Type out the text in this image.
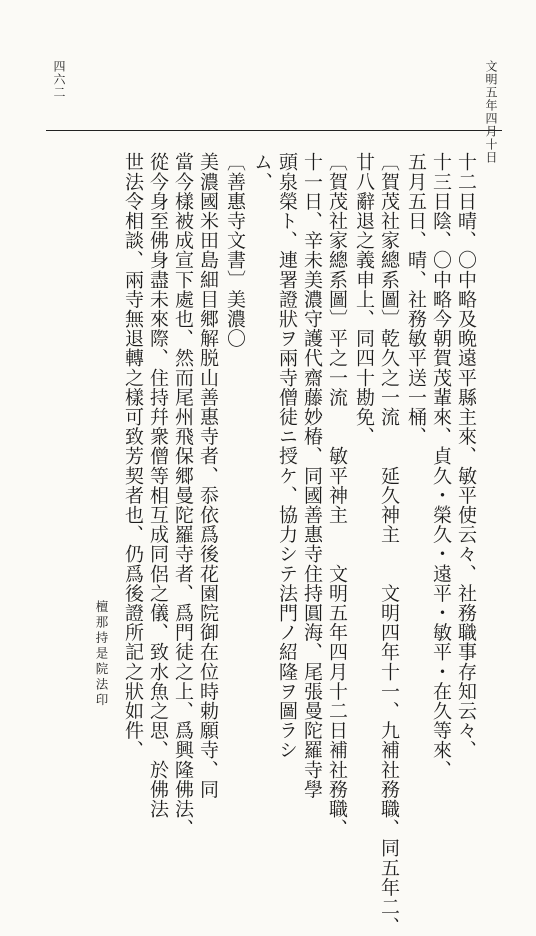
文明五年四月十日
四六二
十二日晴、〇中略及晩遠平縣主來、敏平使云々、社務職事存知云々、
十三日陰、〇中略今朝賀茂輩來、貞久・榮久・遠平・敏平・在久等來、
五月五日、晴、社務敏平送一桶、
〔賀茂社家總系圖〕乾久之一流　　延久神主　　文明四年十一、九補社務職、同五年二、
廿八辭退之義申上、同四十勘免、
〔賀茂社家總系圖〕平之一流　　敏平神主　　文明五年四月十二日補社務職、
十一日、辛未美濃守護代齋藤妙椿、同國善惠寺住持圓海、尾張曼陀羅寺學
頭泉榮ト、連署證狀ヲ兩寺僧徒ニ授ケ、協力シテ法門ノ紹隆ヲ圖ラシ
ム、
〔善惠寺文書〕美濃〇
美濃國米田島細目郷解脱山善惠寺者、忝依爲後花園院御在位時勅願寺、同
當今樣被成宣下處也、然而尾州飛保郷曼陀羅寺者、爲門徒之上、爲興隆佛法、
從今身至佛身盡未來際、住持幷衆僧等相互成同侶之儀、致水魚之思、於佛法
世法令相談、兩寺無退轉之樣可致芳契者也、仍爲後證所記之狀如件、
檀那持是院法印
